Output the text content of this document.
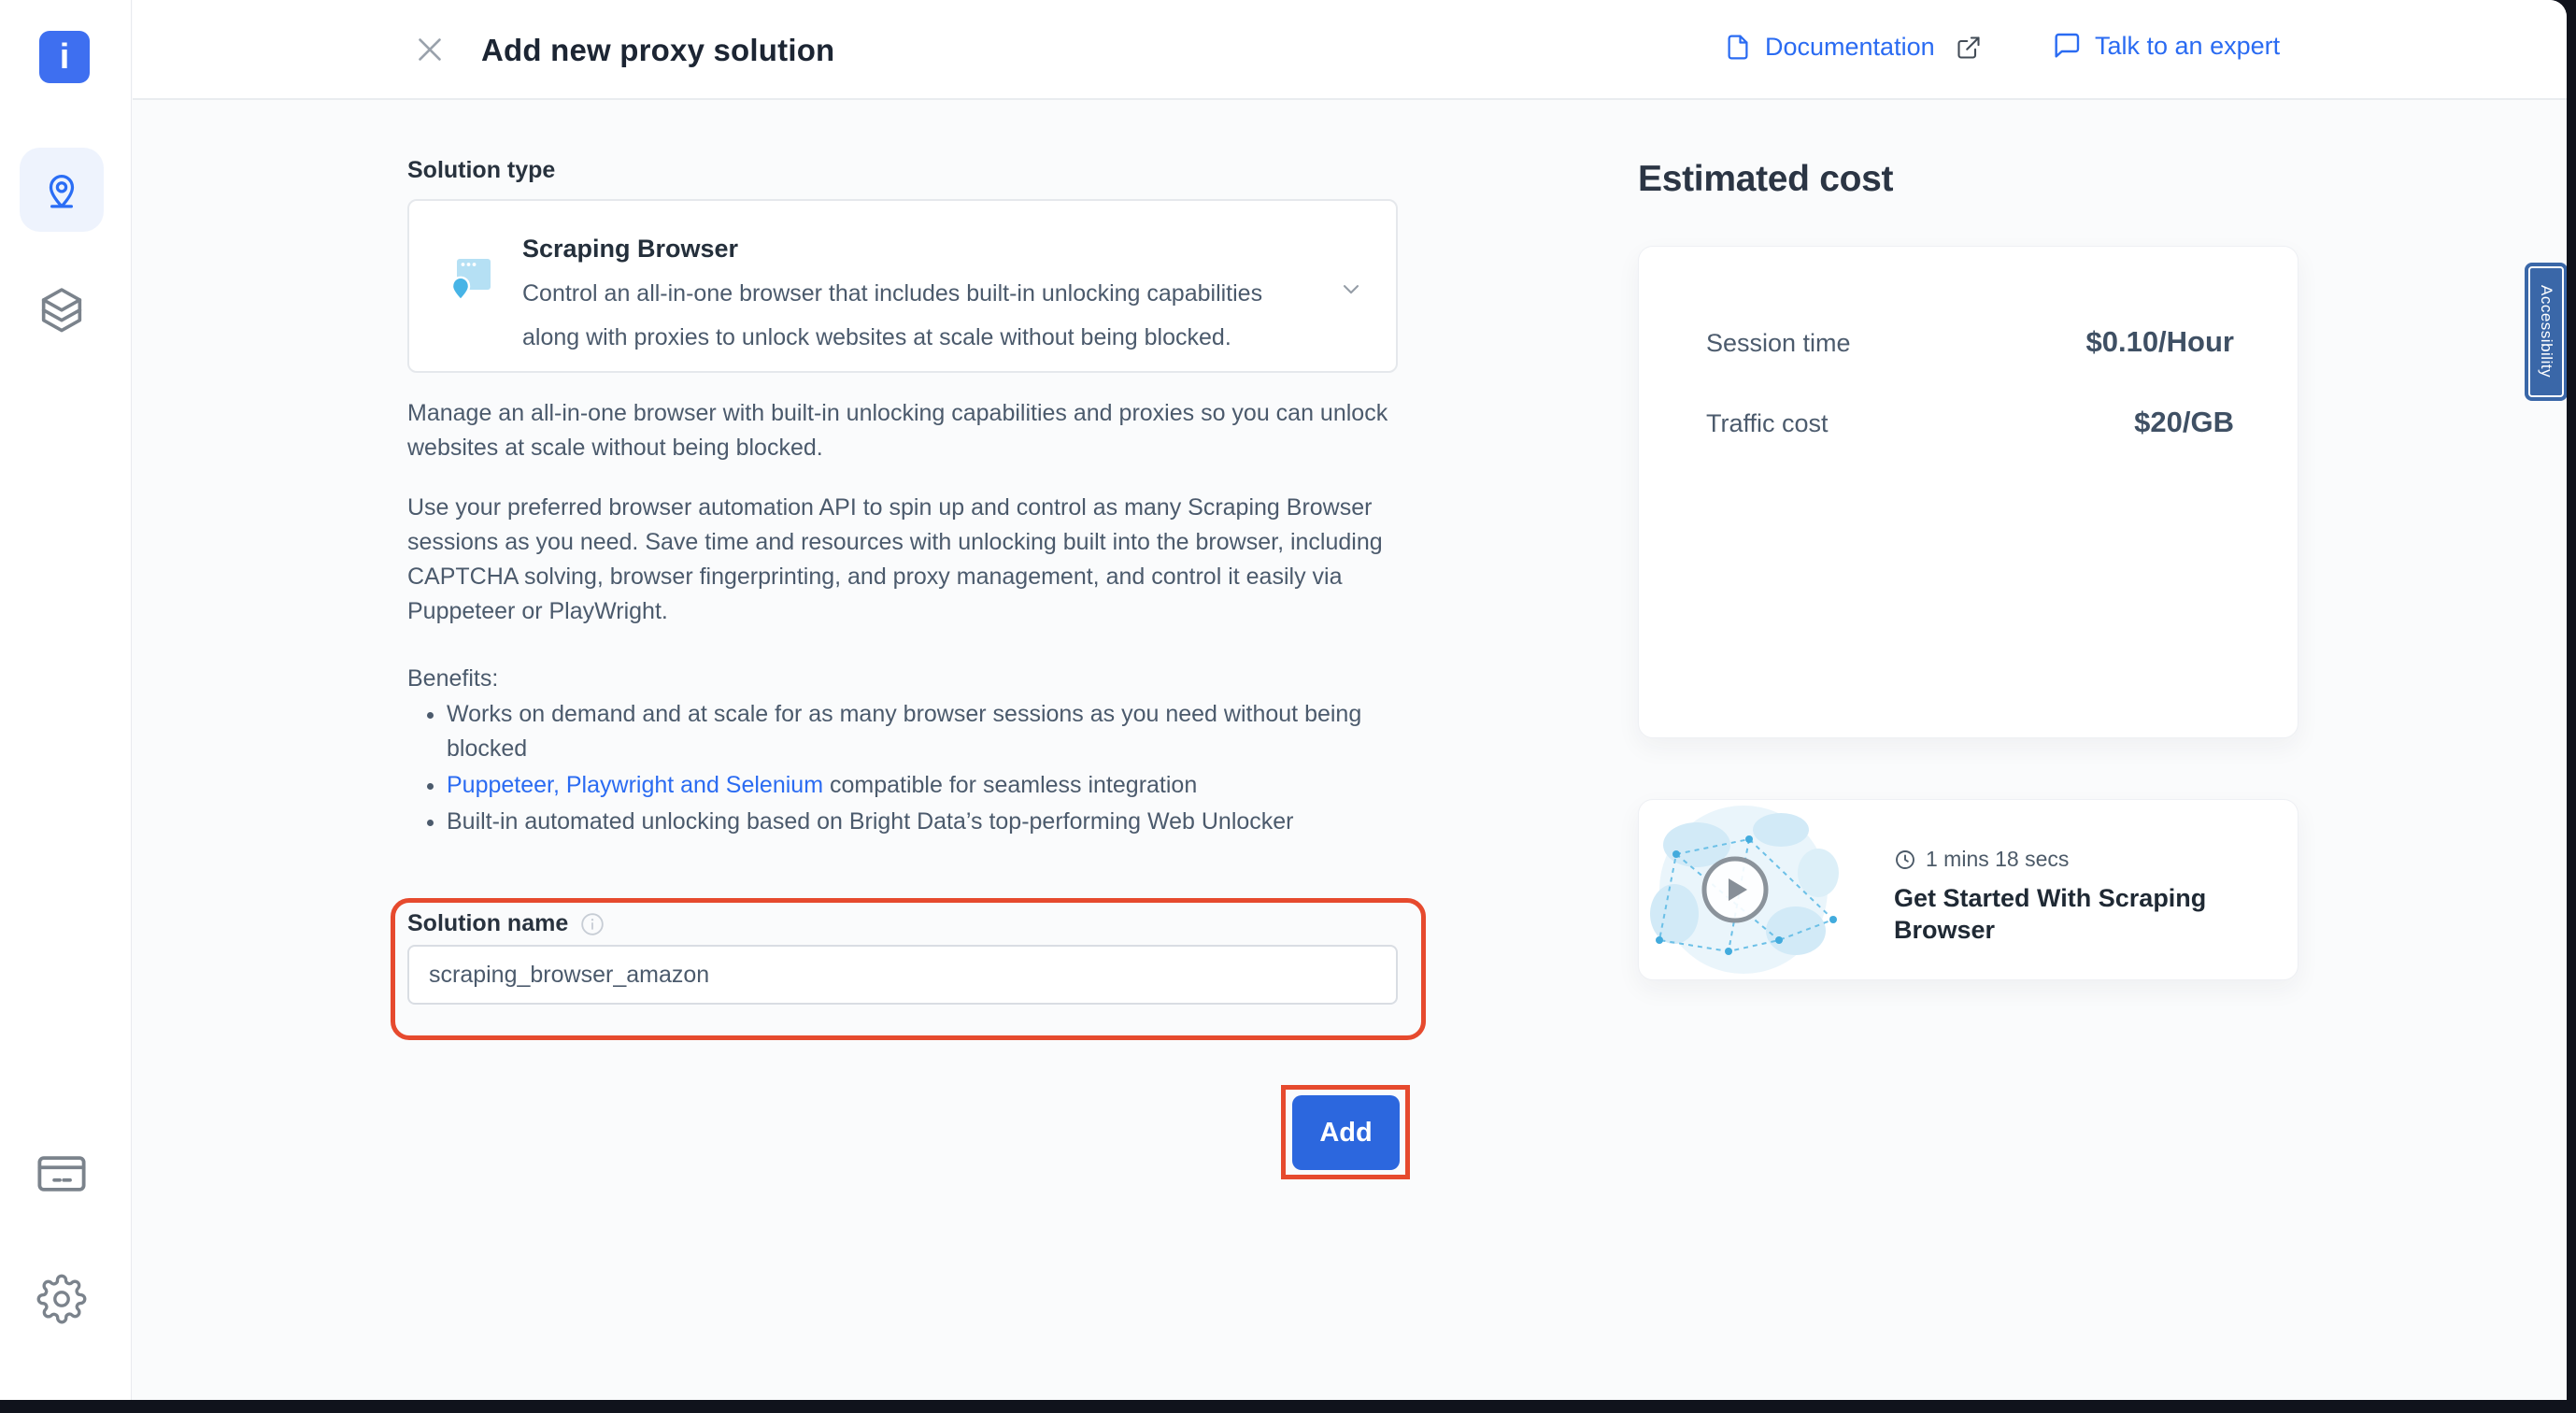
i	Add new proxy solution	Documentation	Talk to an expert
Solution type
Scraping Browser
Control an all-in-one browser that includes built-in unlocking capabilities
along with proxies to unlock websites at scale without being blocked.

Manage an all-in-one browser with built-in unlocking capabilities and proxies so you can unlock websites at scale without being blocked.

Use your preferred browser automation API to spin up and control as many Scraping Browser sessions as you need. Save time and resources with unlocking built into the browser, including CAPTCHA solving, browser fingerprinting, and proxy management, and control it easily via Puppeteer or PlayWright.

Benefits:
• Works on demand and at scale for as many browser sessions as you need without being blocked
• Puppeteer, Playwright and Selenium compatible for seamless integration
• Built-in automated unlocking based on Bright Data’s top-performing Web Unlocker
Solution name
scraping_browser_amazon
Add
Estimated cost
Session time	$0.10/Hour
Traffic cost	$20/GB
1 mins 18 secs
Get Started With Scraping Browser
Accessibility
